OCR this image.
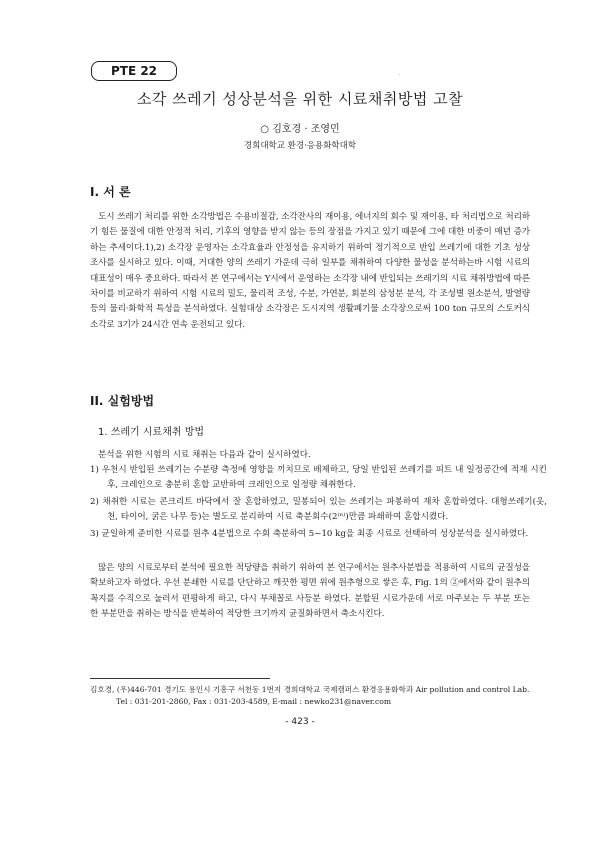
PTE 22	`
소각 쓰레기 성상분석을 위한 시료채취방법 고찰
○ 김호경 · 조영민
경희대학교 환경·응용화학대학
I. 서 론

도시 쓰레기 처리를 위한 소각방법은 수용비절감, 소각잔사의 재이용, 에너지의 회수 및 재이용, 타 처리법으로 처리하기 힘든 물질에 대한 안정적 처리, 기후의 영향을 받지 않는 등의 장점을 가지고 있기 때문에 그에 대한 비중이 매년 증가하는 추세이다.1),2) 소각장 운영자는 소각효율과 안정성을 유지하기 위하여 정기적으로 반입 쓰레기에 대한 기초 성상 조사를 실시하고 있다. 이때, 거대한 양의 쓰레기 가운데 극히 일부를 채취하여 다양한 물성을 분석하는바 시험 시료의 대표성이 매우 중요하다. 따라서 본 연구에서는 Y시에서 운영하는 소각장 내에 반입되는 쓰레기의 시료 채취방법에 따른 차이를 비교하기 위하여 시험 시료의 밀도, 물리적 조성, 수분, 가연분, 회분의 삼성분 분석, 각 조성별 원소분석, 발열량 등의 물리·화학적 특성을 분석하였다. 실험대상 소각장은 도시지역 생활폐기물 소각장으로써 100 ton 규모의 스토커식 소각로 3기가 24시간 연속 운전되고 있다.

II. 실험방법
1. 쓰레기 시료채취 방법

분석을 위한 시험의 시료 채취는 다음과 같이 실시하였다.

1) 우천시 반입된 쓰레기는 수분량 측정에 영향을 끼치므로 배제하고, 당일 반입된 쓰레기를 피트 내 일정공간에 적재 시킨 후, 크레인으로 충분히 혼합 교반하여 크레인으로 일정량 채취한다.

2) 채취한 시료는 콘크리트 바닥에서 잘 혼합하였고, 밀봉되어 있는 쓰레기는 파봉하여 재차 혼합하였다. 대형쓰레기(옷, 천, 타이어, 굵은 나무 등)는 별도로 분리하여 시료 축분회수(2⁽ⁿ⁾)만큼 파쇄하여 혼합시켰다.

3) 균일하게 준비한 시료를 원추 4분법으로 수회 축분하여 5~10 kg을 최종 시료로 선택하여 성상분석을 실시하였다.

많은 양의 시료로부터 분석에 필요한 적당량을 취하기 위하여 본 연구에서는 원추사분법을 적용하여 시료의 균질성을 확보하고자 하였다. 우선 분쇄한 시료를 단단하고 깨끗한 평면 위에 원추형으로 쌓은 후, Fig. 1의 ②에서와 같이 원추의 꼭지를 수직으로 눌러서 편평하게 하고, 다시 부채꼴로 사등분 하였다. 분할된 시료가운데 서로 마주보는 두 부분 또는 한 부분만을 취하는 방식을 반복하여 적당한 크기까지 균질화하면서 축소시킨다.

김호경, (우)446-701 경기도 용인시 기흥구 서천동 1번지 경희대학교 국제캠퍼스 환경응용화학과 Air pollution and control Lab.
Tel : 031-201-2860, Fax : 031-203-4589, E-mail : newko231@naver.com

- 423 -
